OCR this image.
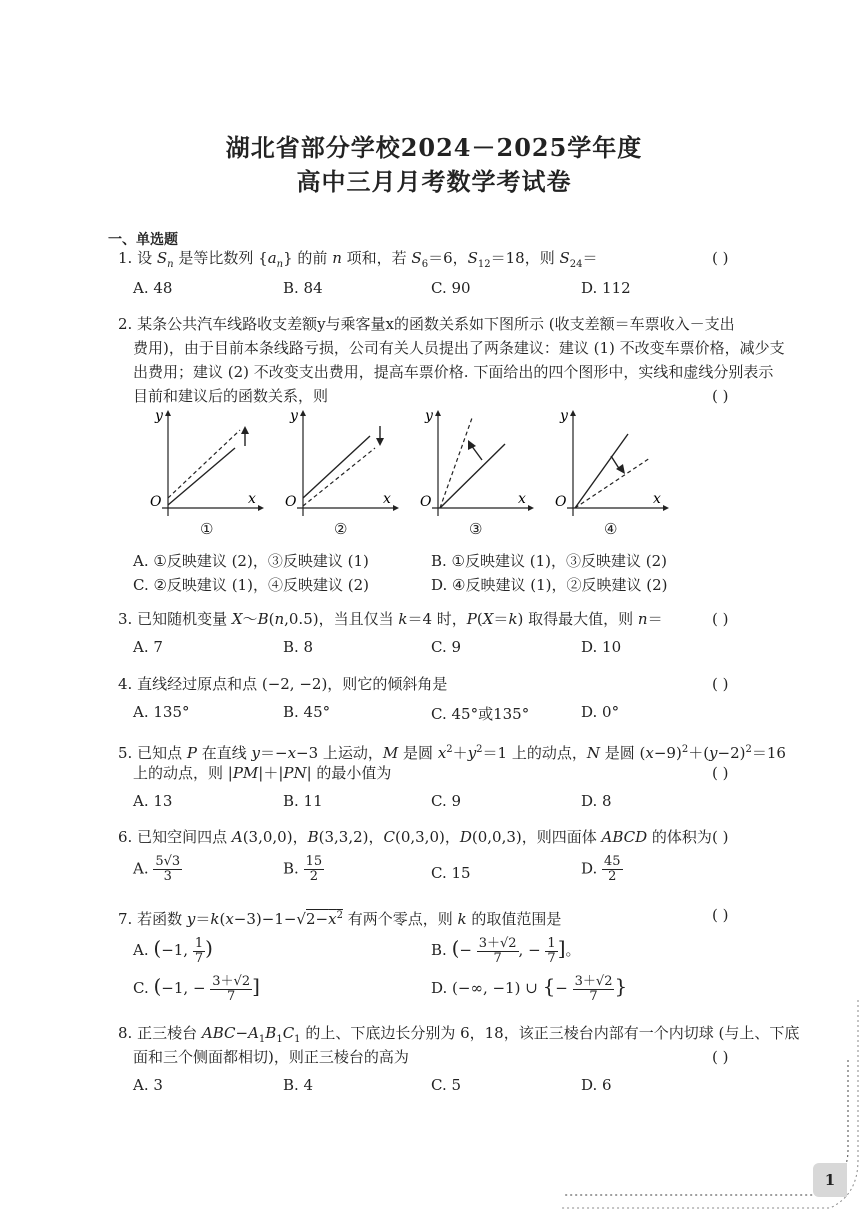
湖北省部分学校2024－2025学年度
高中三月月考数学考试卷
一、单选题
1. 设 $S_n$ 是等比数列 $\{a_n\}$ 的前 n 项和，若 $S_6=6$，$S_{12}=18$，则 $S_{24}=$	( )
A. 48	B. 84	C. 90	D. 112
2. 某条公共汽车线路收支差额y与乘客量x的函数关系如下图所示 (收支差额＝车票收入－支出
费用)，由于目前本条线路亏损，公司有关人员提出了两条建议：建议 (1) 不改变车票价格，减少支
出费用；建议 (2) 不改变支出费用，提高车票价格. 下面给出的四个图形中，实线和虚线分别表示
目前和建议后的函数关系，则	( )
y
x
O
y
x
O
y
x
O
y
x
O
①	②	③	④
A. ①反映建议 (2)，③反映建议 (1)	B. ①反映建议 (1)，③反映建议 (2)
C. ②反映建议 (1)，④反映建议 (2)	D. ④反映建议 (1)，②反映建议 (2)
3. 已知随机变量 X～B(n,0.5)，当且仅当 k＝4 时，P(X＝k) 取得最大值，则 n＝	( )
A. 7	B. 8	C. 9	D. 10
4. 直线经过原点和点 (−2, −2)，则它的倾斜角是	( )
A. 135°	B. 45°	C. 45°或135°	D. 0°
5. 已知点 P 在直线 y＝−x−3 上运动，M 是圆 $x^2+y^2=1$ 上的动点，N 是圆 $(x-9)^2+(y-2)^2=16$
上的动点，则 |PM|＋|PN| 的最小值为	( )
A. 13	B. 11	C. 9	D. 8
6. 已知空间四点 A(3,0,0)，B(3,3,2)，C(0,3,0)，D(0,0,3)，则四面体 ABCD 的体积为 ( )
A. $\frac{5√3}{3}$	B. $\frac{15}{2}$	C. 15	D. $\frac{45}{2}$
7. 若函数 $y=k(x-3)-1-√2-x^2$ 有两个零点，则 k 的取值范围是	( )
A. (−1, $\frac{1}{7}$ )	B. (− $\frac{3+√2}{7}$ , − $\frac{1}{7}$ ]。
C. (−1, − $\frac{3+√2}{7}$ ]	D. (−∞, −1) ∪ {− $\frac{3+√2}{7}$ }
8. 正三棱台 $ABC-A_1B_1C_1$ 的上、下底边长分别为 6，18，该正三棱台内部有一个内切球 (与上、下底
面和三个侧面都相切)，则正三棱台的高为	( )
A. 3	B. 4	C. 5	D. 6
1
